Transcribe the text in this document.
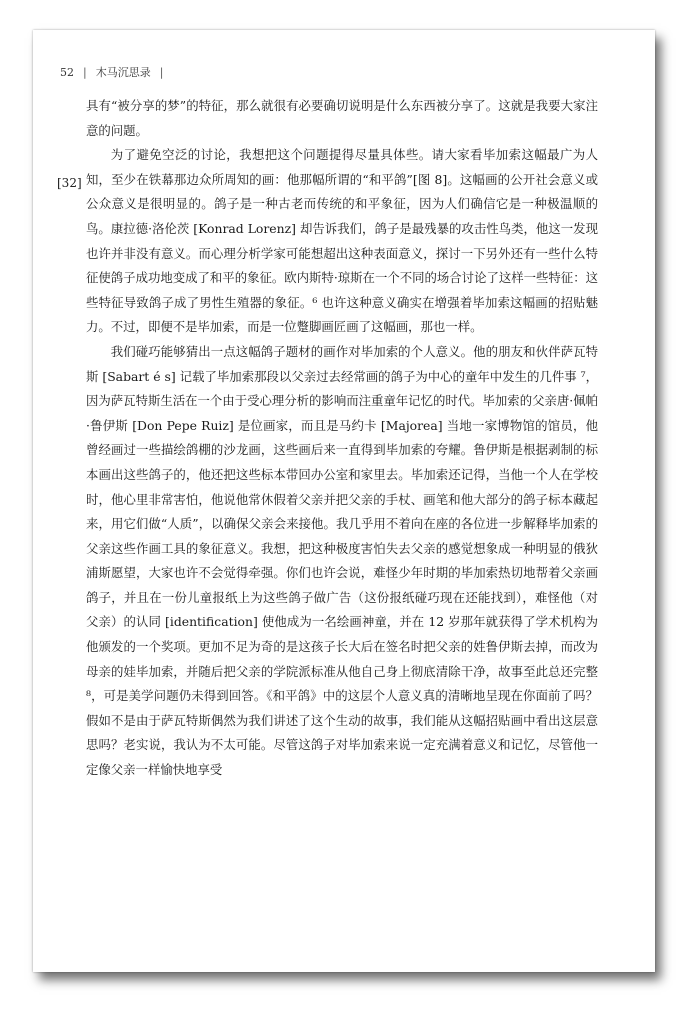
52 | 木马沉思录 |
[32]

具有“被分享的梦”的特征，那么就很有必要确切说明是什么东西被分享了。这就是我要大家注意的问题。

为了避免空泛的讨论，我想把这个问题提得尽量具体些。请大家看毕加索这幅最广为人知，至少在铁幕那边众所周知的画：他那幅所谓的“和平鸽”[图 8]。这幅画的公开社会意义或公众意义是很明显的。鸽子是一种古老而传统的和平象征，因为人们确信它是一种极温顺的鸟。康拉德·洛伦茨 [Konrad Lorenz] 却告诉我们，鸽子是最残暴的攻击性鸟类，他这一发现也许并非没有意义。而心理分析学家可能想超出这种表面意义，探讨一下另外还有一些什么特征使鸽子成功地变成了和平的象征。欧内斯特·琼斯在一个不同的场合讨论了这样一些特征：这些特征导致鸽子成了男性生殖器的象征。⁶ 也许这种意义确实在增强着毕加索这幅画的招贴魅力。不过，即便不是毕加索，而是一位蹩脚画匠画了这幅画，那也一样。

我们碰巧能够猜出一点这幅鸽子题材的画作对毕加索的个人意义。他的朋友和伙伴萨瓦特斯 [Sabart é s] 记载了毕加索那段以父亲过去经常画的鸽子为中心的童年中发生的几件事 ⁷，因为萨瓦特斯生活在一个由于受心理分析的影响而注重童年记忆的时代。毕加索的父亲唐·佩帕·鲁伊斯 [Don Pepe Ruiz] 是位画家，而且是马约卡 [Majorea] 当地一家博物馆的馆员，他曾经画过一些描绘鸽棚的沙龙画，这些画后来一直得到毕加索的夸耀。鲁伊斯是根据剥制的标本画出这些鸽子的，他还把这些标本带回办公室和家里去。毕加索还记得，当他一个人在学校时，他心里非常害怕，他说他常休假着父亲并把父亲的手杖、画笔和他大部分的鸽子标本藏起来，用它们做“人质”，以确保父亲会来接他。我几乎用不着向在座的各位进一步解释毕加索的父亲这些作画工具的象征意义。我想，把这种极度害怕失去父亲的感觉想象成一种明显的俄狄浦斯愿望，大家也许不会觉得牵强。你们也许会说，难怪少年时期的毕加索热切地帮着父亲画鸽子，并且在一份儿童报纸上为这些鸽子做广告（这份报纸碰巧现在还能找到），难怪他（对父亲）的认同 [identification] 使他成为一名绘画神童，并在 12 岁那年就获得了学术机构为他颁发的一个奖项。更加不足为奇的是这孩子长大后在签名时把父亲的姓鲁伊斯去掉，而改为母亲的娃毕加索，并随后把父亲的学院派标准从他自己身上彻底清除干净，故事至此总还完整 ⁸，可是美学问题仍未得到回答。《和平鸽》中的这层个人意义真的清晰地呈现在你面前了吗？假如不是由于萨瓦特斯偶然为我们讲述了这个生动的故事，我们能从这幅招贴画中看出这层意思吗？老实说，我认为不太可能。尽管这鸽子对毕加索来说一定充满着意义和记忆，尽管他一定像父亲一样愉快地享受
